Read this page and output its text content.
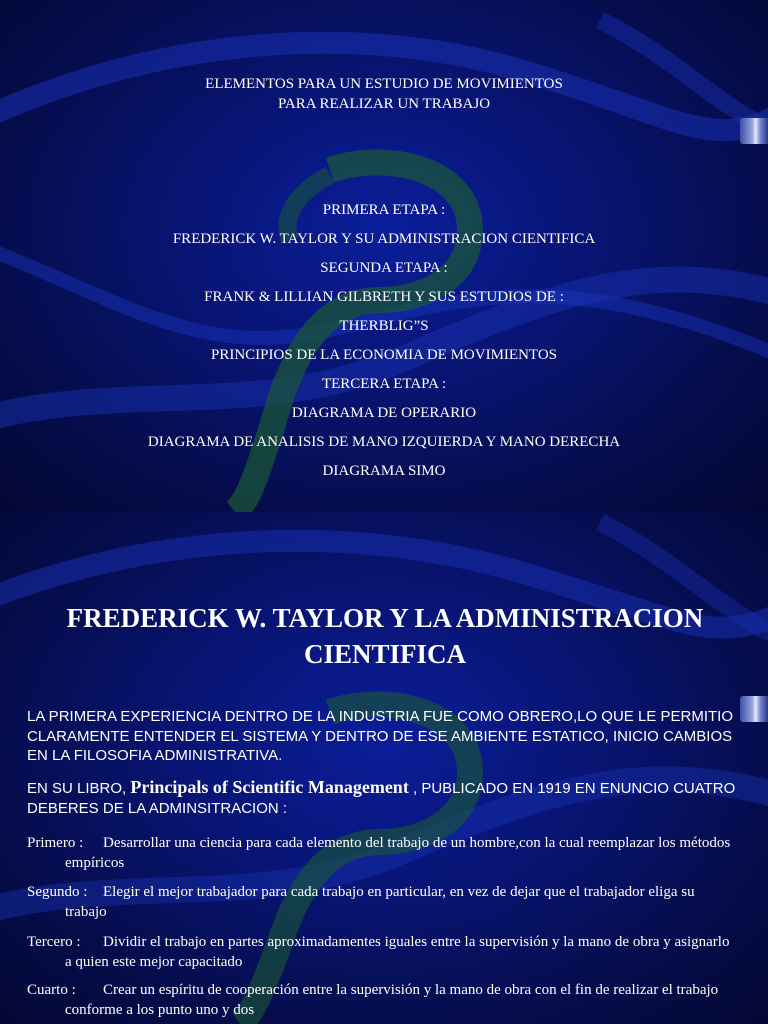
ELEMENTOS PARA UN ESTUDIO DE MOVIMIENTOS
PARA REALIZAR UN TRABAJO
PRIMERA ETAPA :
FREDERICK W. TAYLOR Y SU ADMINISTRACION CIENTIFICA
SEGUNDA ETAPA :
FRANK & LILLIAN GILBRETH Y SUS ESTUDIOS DE :
THERBLIG”S
PRINCIPIOS DE LA ECONOMIA DE MOVIMIENTOS
TERCERA ETAPA :
DIAGRAMA DE OPERARIO
DIAGRAMA DE ANALISIS DE MANO IZQUIERDA Y MANO DERECHA
DIAGRAMA SIMO
FREDERICK W. TAYLOR Y LA ADMINISTRACION
CIENTIFICA
LA PRIMERA EXPERIENCIA DENTRO DE LA INDUSTRIA FUE COMO OBRERO,LO QUE LE PERMITIO CLARAMENTE ENTENDER EL SISTEMA Y DENTRO DE ESE AMBIENTE ESTATICO, INICIO CAMBIOS EN LA FILOSOFIA ADMINISTRATIVA.
EN SU LIBRO, Principals of Scientific Management , PUBLICADO EN 1919 EN ENUNCIO CUATRO DEBERES DE LA ADMINSITRACION :
Primero : Desarrollar una ciencia para cada elemento del trabajo de un hombre,con la cual reemplazar los métodos empíricos
Segundo : Elegir el mejor trabajador para cada trabajo en particular, en vez de dejar que el trabajador eliga su trabajo
Tercero : Dividir el trabajo en partes aproximadamentes iguales entre la supervisión y la mano de obra y asignarlo a quien este mejor capacitado
Cuarto : Crear un espíritu de cooperación entre la supervisión y la mano de obra con el fin de realizar el trabajo conforme a los punto uno y dos
